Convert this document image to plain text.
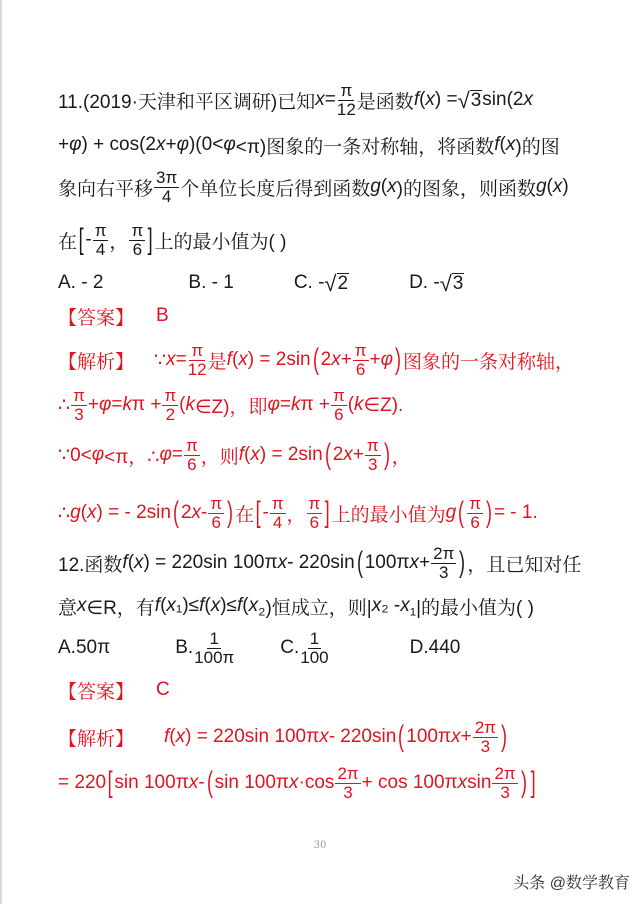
11.(2019·天津和平区调研)已知 $x = \frac{\pi}{12}$ 是函数 f ( x ) = √ 3 sin(2 x
+ φ ) + cos(2 x + φ )(0< φ <π)图象的一条对称轴，将函数 f ( x )的图
象向右平移 $\frac{3\pi}{4}$ 个单位长度后得到函数 g ( x )的图象，则函数 g ( x )
在 [ - $\frac{\pi}{4}$ ， $\frac{\pi}{6}$ ] 上的最小值为( )
A. - 2	B. - 1	C. - √ 2	D. - √ 3
【答案】 B
【解析】 ∵ $x = \frac{\pi}{12}$ 是 f ( x ) = 2sin ( 2 $x + \frac{\pi}{6} + \varphi$ ) 图象的一条对称轴，
∴ $\frac{\pi}{3} + \varphi = k$ $\pi + \frac{\pi}{2}$ ( k ∈Z)，即 φ = k $\pi + \frac{\pi}{6}$ ( k ∈Z).
∵0< φ <π，∴ $\varphi = \frac{\pi}{6}$ ，则 f ( x ) = 2sin ( 2 $x + \frac{\pi}{3}$ ) ，
∴ g ( x ) = - 2sin ( 2 x - $\frac{\pi}{6}$ ) 在 [ - $\frac{\pi}{4}$ ， $\frac{\pi}{6}$ ] 上的最小值为 g ( $\frac{\pi}{6}$ ) = - 1.
12.函数 f ( x ) = 220sin 100π x - 220sin ( 100π $x + \frac{2\pi}{3}$ ) ，且已知对任
意 x ∈R，有 f ( x ₁)≤ f ( x )≤ f ( x ₂)恒成立，则| x ₂ - x ₁|的最小值为( )
A.50π	B. $\frac{1}{100\pi} C$. $\frac{1}{100}$	D.440
【答案】 C
【解析】 f ( x ) = 220sin 100π x - 220sin ( 100π $x + \frac{2\pi}{3}$ )
= 220 [ sin 100π x - ( sin 100π $x \cdot\cos \frac{2\pi}{3} + \cos 100\pi$ x $\sin \frac{2\pi}{3}$ ) ]
30
头条 @数学教育
